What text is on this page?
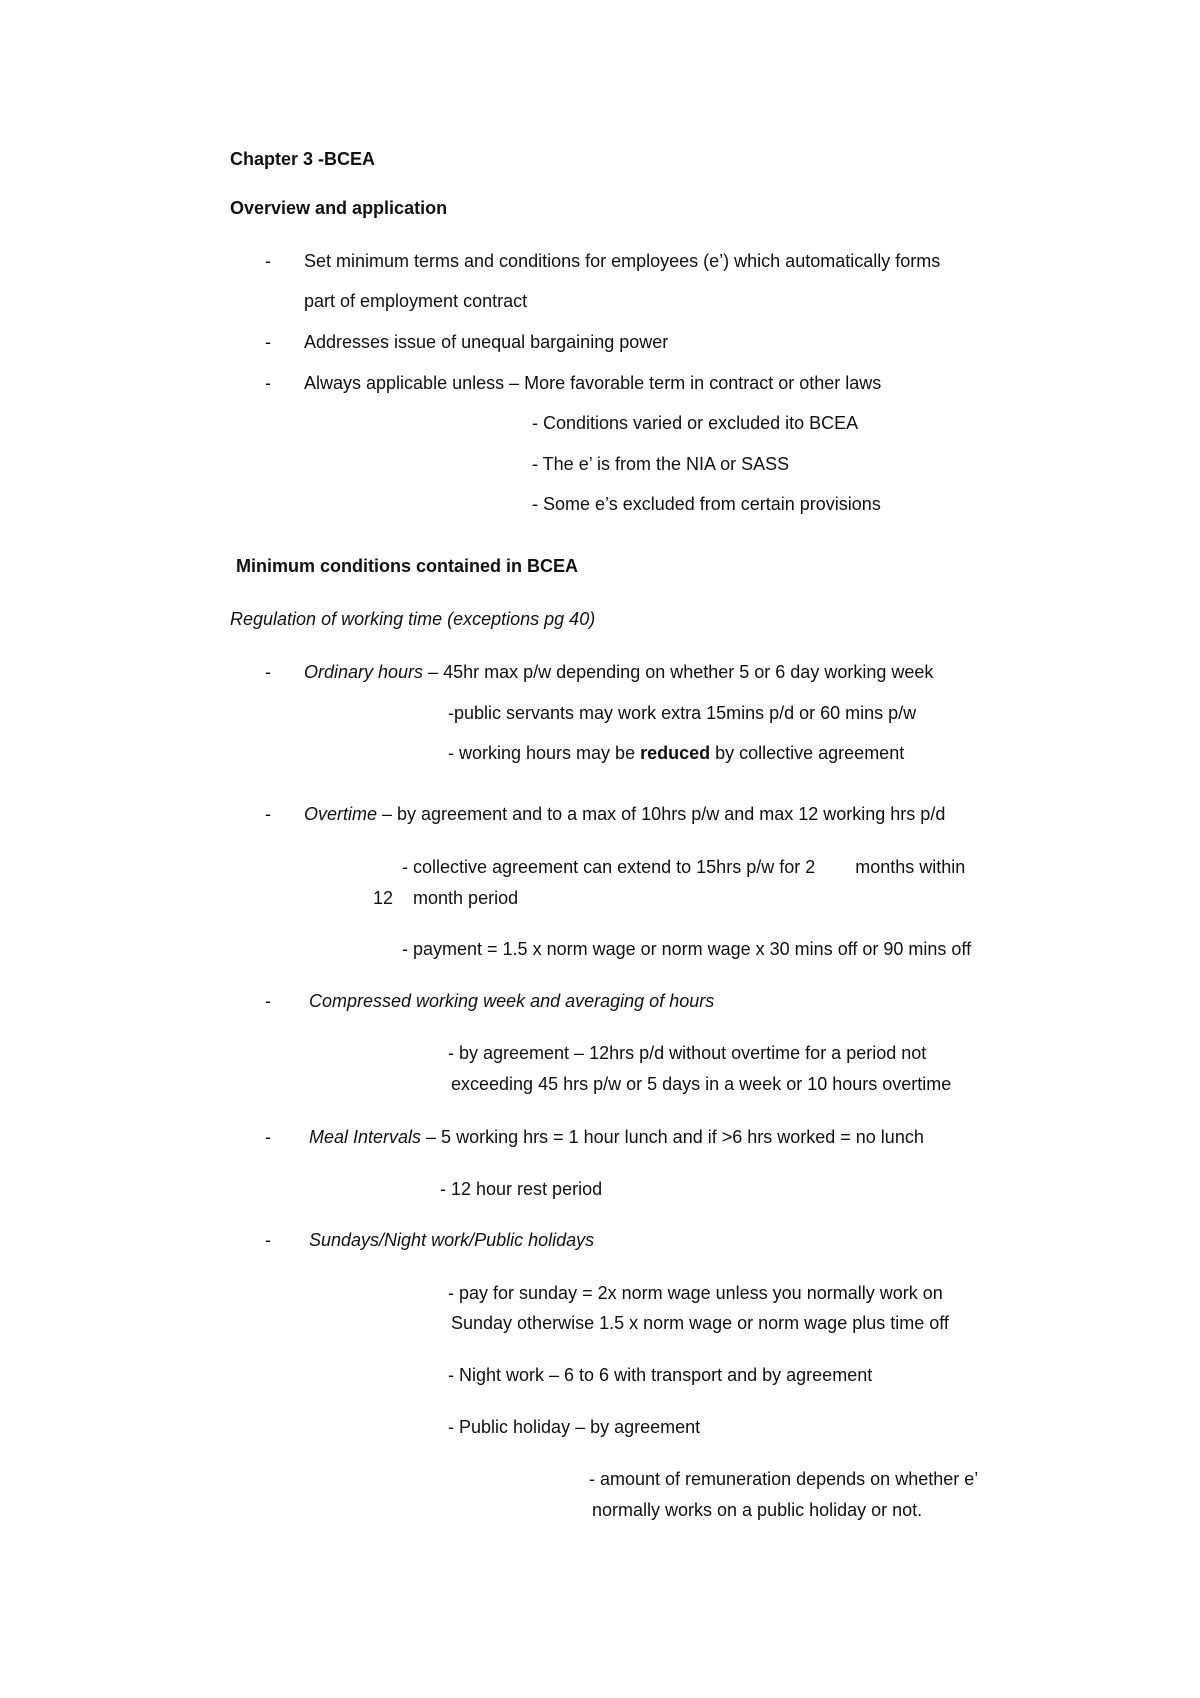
Chapter 3 -BCEA
Overview and application
- Set minimum terms and conditions for employees (e’) which automatically forms
part of employment contract
- Addresses issue of unequal bargaining power
- Always applicable unless – More favorable term in contract or other laws
- Conditions varied or excluded ito BCEA
- The e’ is from the NIA or SASS
- Some e’s excluded from certain provisions
Minimum conditions contained in BCEA
Regulation of working time (exceptions pg 40)
- Ordinary hours – 45hr max p/w depending on whether 5 or 6 day working week
-public servants may work extra 15mins p/d or 60 mins p/w
- working hours may be reduced by collective agreement
- Overtime – by agreement and to a max of 10hrs p/w and max 12 working hrs p/d
- collective agreement can extend to 15hrs p/w for 2        months within
12    month period
- payment = 1.5 x norm wage or norm wage x 30 mins off or 90 mins off
- Compressed working week and averaging of hours
- by agreement – 12hrs p/d without overtime for a period not
exceeding 45 hrs p/w or 5 days in a week or 10 hours overtime
- Meal Intervals – 5 working hrs = 1 hour lunch and if >6 hrs worked = no lunch
- 12 hour rest period
- Sundays/Night work/Public holidays
- pay for sunday = 2x norm wage unless you normally work on
Sunday otherwise 1.5 x norm wage or norm wage plus time off
- Night work – 6 to 6 with transport and by agreement
- Public holiday – by agreement
- amount of remuneration depends on whether e’
normally works on a public holiday or not.
